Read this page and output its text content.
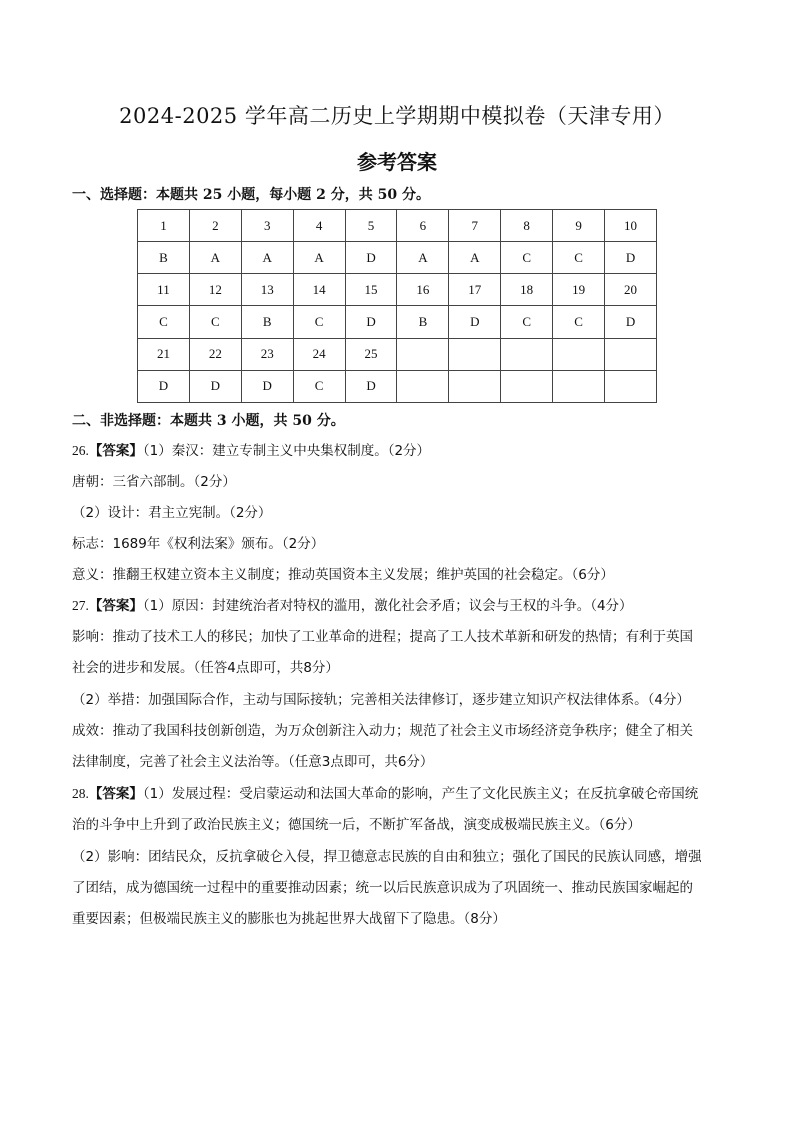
2024-2025 学年高二历史上学期期中模拟卷（天津专用）
参考答案
一、选择题：本题共 25 小题，每小题 2 分，共 50 分。
1	2	3	4	5	6	7	8	9	10
B	A	A	A	D	A	A	C	C	D
11	12	13	14	15	16	17	18	19	20
C	C	B	C	D	B	D	C	C	D
21	22	23	24	25					
D	D	D	C	D					
二、非选择题：本题共 3 小题，共 50 分。
26.【答案】（1）秦汉：建立专制主义中央集权制度。（2分）
唐朝：三省六部制。（2分）
（2）设计：君主立宪制。（2分）
标志：1689年《权利法案》颁布。（2分）
意义：推翻王权建立资本主义制度；推动英国资本主义发展；维护英国的社会稳定。（6分）
27.【答案】（1）原因：封建统治者对特权的滥用，激化社会矛盾；议会与王权的斗争。（4分）
影响：推动了技术工人的移民；加快了工业革命的进程；提高了工人技术革新和研发的热情；有利于英国
社会的进步和发展。（任答4点即可，共8分）
（2）举措：加强国际合作，主动与国际接轨；完善相关法律修订，逐步建立知识产权法律体系。（4分）
成效：推动了我国科技创新创造，为万众创新注入动力；规范了社会主义市场经济竞争秩序；健全了相关
法律制度，完善了社会主义法治等。（任意3点即可，共6分）
28.【答案】（1）发展过程：受启蒙运动和法国大革命的影响，产生了文化民族主义；在反抗拿破仑帝国统
治的斗争中上升到了政治民族主义；德国统一后，不断扩军备战，演变成极端民族主义。（6分）
（2）影响：团结民众，反抗拿破仑入侵，捍卫德意志民族的自由和独立；强化了国民的民族认同感，增强
了团结，成为德国统一过程中的重要推动因素；统一以后民族意识成为了巩固统一、推动民族国家崛起的
重要因素；但极端民族主义的膨胀也为挑起世界大战留下了隐患。（8分）
